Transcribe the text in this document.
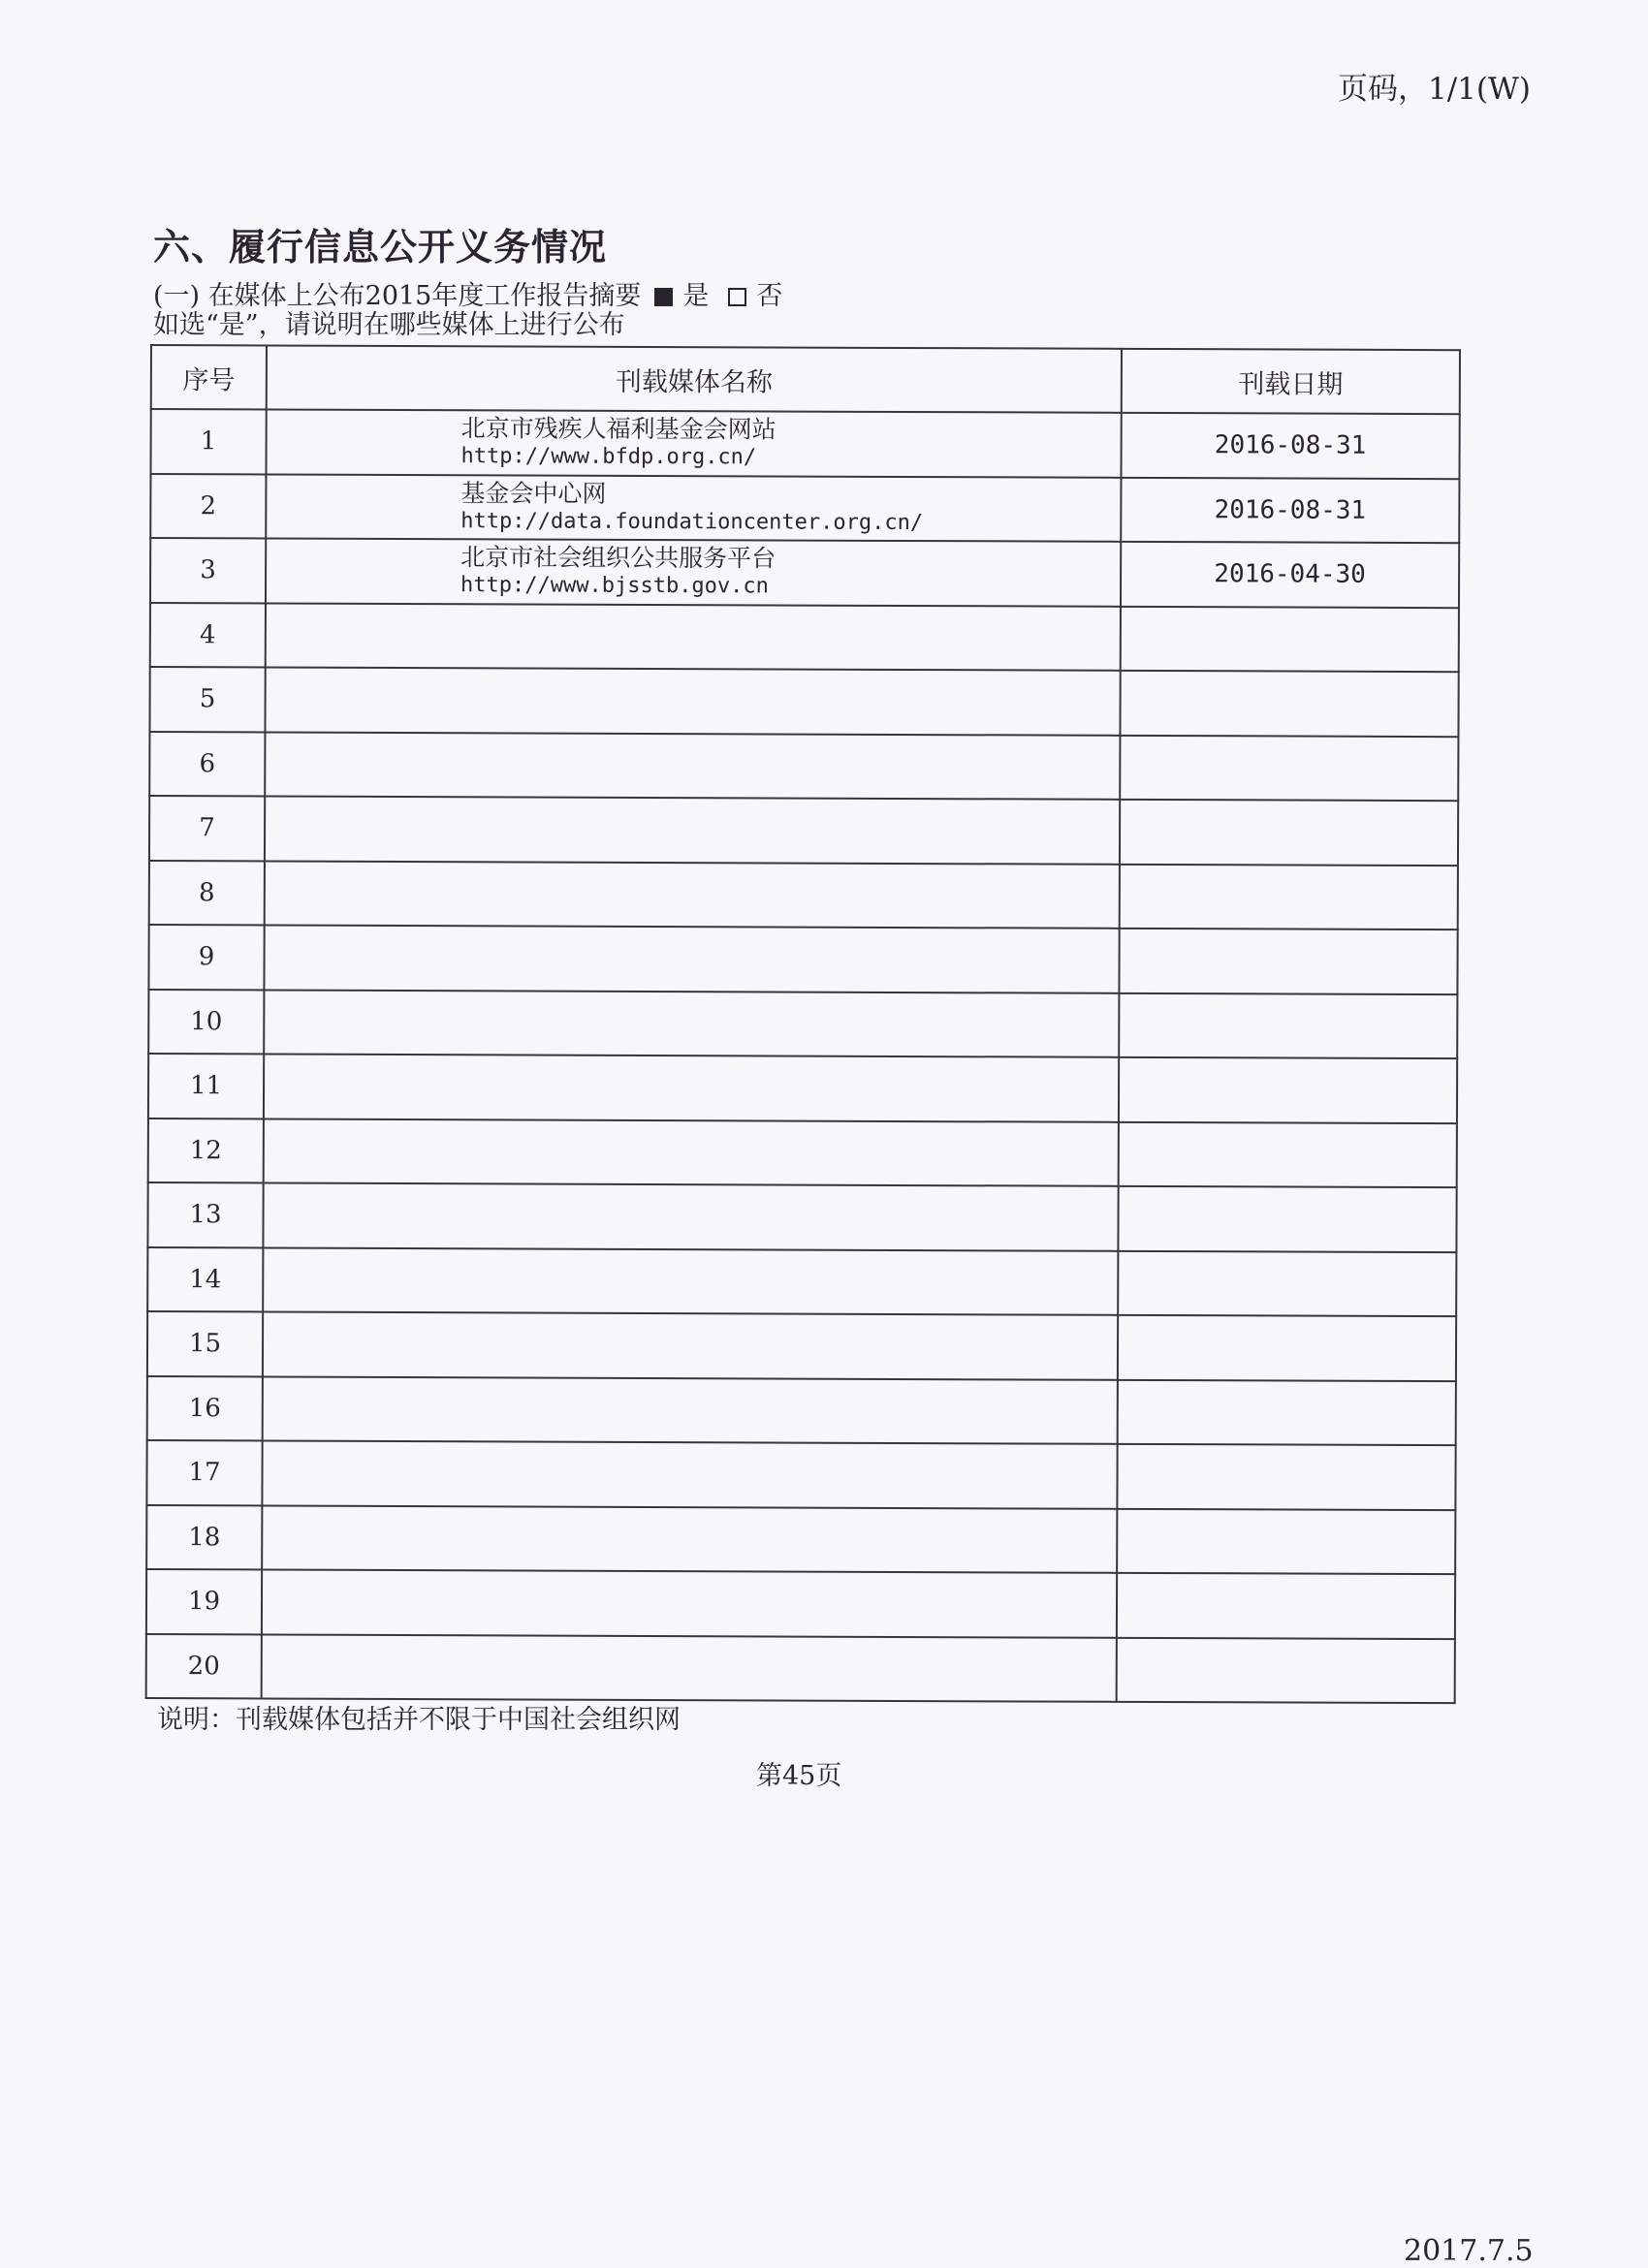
页码，1/1(W)
六、履行信息公开义务情况
(一) 在媒体上公布2015年度工作报告摘要 是 否
如选“是”，请说明在哪些媒体上进行公布
序号	刊载媒体名称	刊载日期
1	北京市残疾人福利基金会网站
http://www.bfdp.org.cn/	2016-08-31
2	基金会中心网
http://data.foundationcenter.org.cn/	2016-08-31
3	北京市社会组织公共服务平台
http://www.bjsstb.gov.cn	2016-04-30
4	

5	

6	

7	

8	

9	

10	

11	

12	

13	

14	

15	

16	

17	

18	

19	

20	

说明：刊载媒体包括并不限于中国社会组织网
第45页
2017.7.5
